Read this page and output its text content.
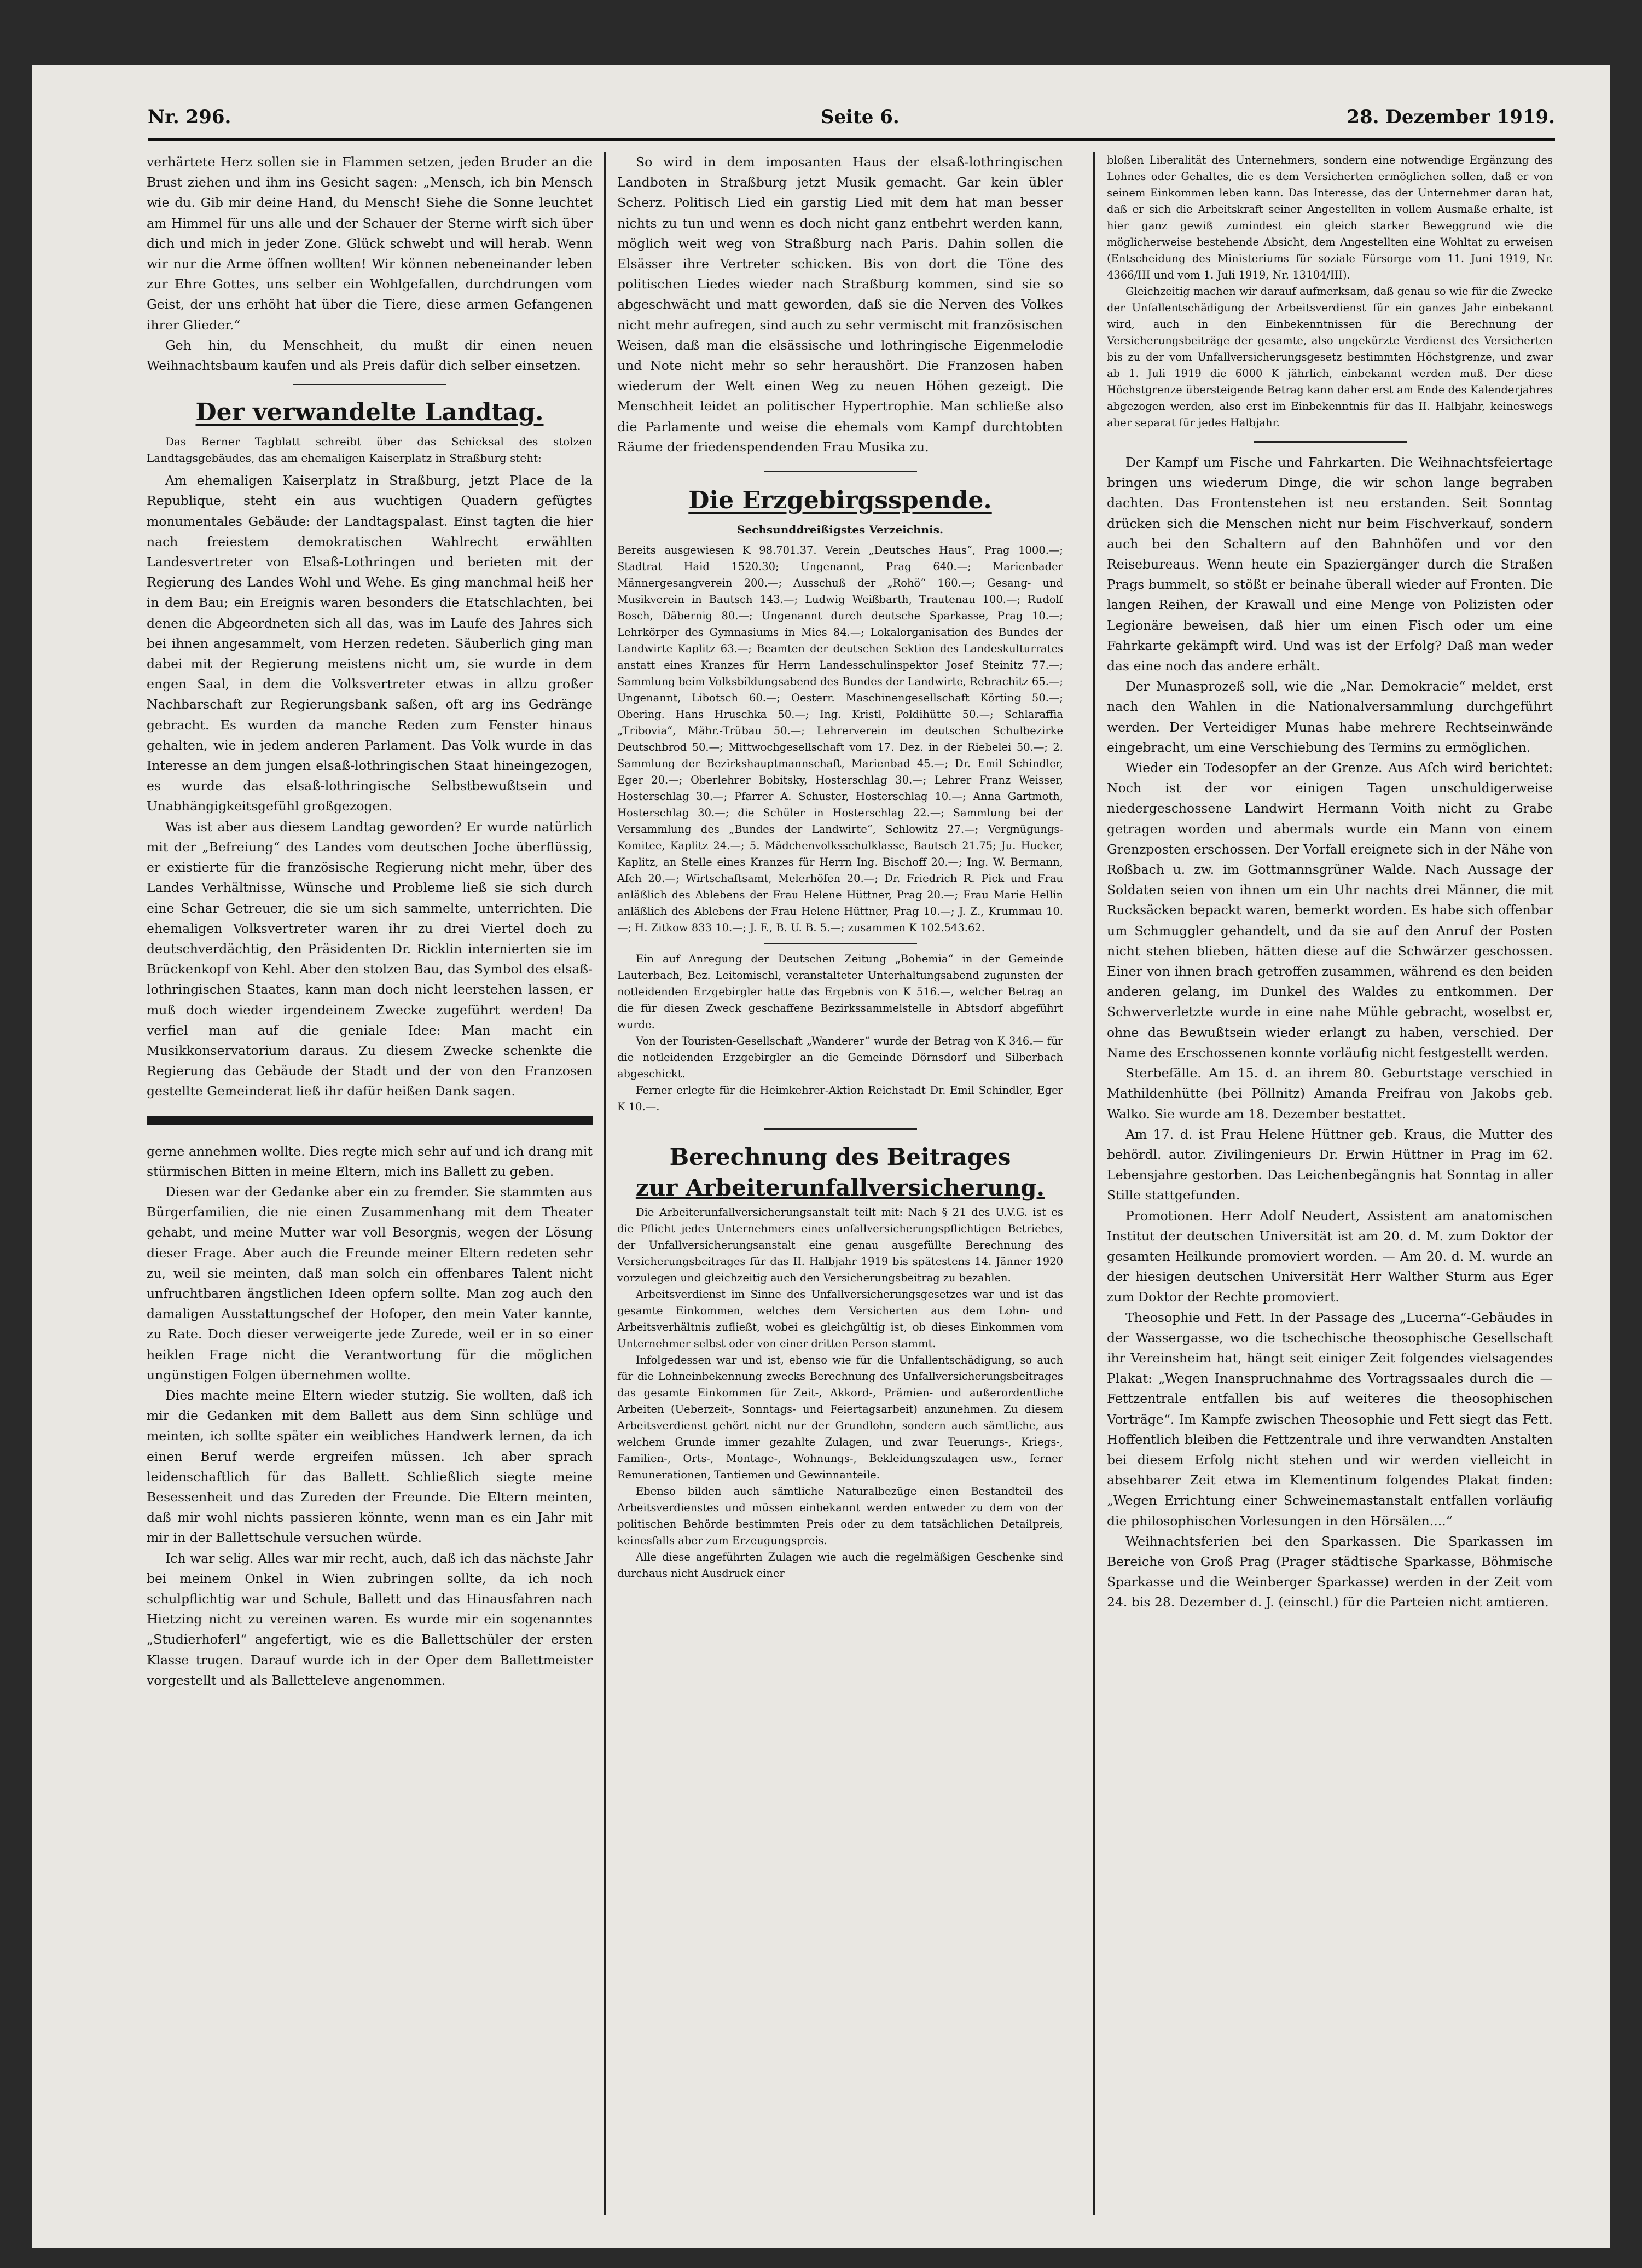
Nr. 296.	Seite 6.	28. Dezember 1919.

verhärtete Herz sollen sie in Flammen setzen, jeden Bruder an die Brust ziehen und ihm ins Gesicht sagen: „Mensch, ich bin Mensch wie du. Gib mir deine Hand, du Mensch! Siehe die Sonne leuchtet am Himmel für uns alle und der Schauer der Sterne wirft sich über dich und mich in jeder Zone. Glück schwebt und will herab. Wenn wir nur die Arme öffnen wollten! Wir können nebeneinander leben zur Ehre Gottes, uns selber ein Wohlgefallen, durchdrungen vom Geist, der uns erhöht hat über die Tiere, diese armen Gefangenen ihrer Glieder.“

Geh hin, du Menschheit, du mußt dir einen neuen Weihnachtsbaum kaufen und als Preis dafür dich selber einsetzen.

Der verwandelte Landtag.

Das Berner Tagblatt schreibt über das Schicksal des stolzen Landtagsgebäudes, das am ehemaligen Kaiserplatz in Straßburg steht:

Am ehemaligen Kaiserplatz in Straßburg, jetzt Place de la Republique, steht ein aus wuchtigen Quadern gefügtes monumentales Gebäude: der Landtagspalast. Einst tagten die hier nach freiestem demokratischen Wahlrecht erwählten Landesvertreter von Elsaß-Lothringen und berieten mit der Regierung des Landes Wohl und Wehe. Es ging manchmal heiß her in dem Bau; ein Ereignis waren besonders die Etatschlachten, bei denen die Abgeordneten sich all das, was im Laufe des Jahres sich bei ihnen angesammelt, vom Herzen redeten. Säuberlich ging man dabei mit der Regierung meistens nicht um, sie wurde in dem engen Saal, in dem die Volksvertreter etwas in allzu großer Nachbarschaft zur Regierungsbank saßen, oft arg ins Gedränge gebracht. Es wurden da manche Reden zum Fenster hinaus gehalten, wie in jedem anderen Parlament. Das Volk wurde in das Interesse an dem jungen elsaß-lothringischen Staat hineingezogen, es wurde das elsaß-lothringische Selbstbewußtsein und Unabhängigkeitsgefühl großgezogen.

Was ist aber aus diesem Landtag geworden? Er wurde natürlich mit der „Befreiung“ des Landes vom deutschen Joche überflüssig, er existierte für die französische Regierung nicht mehr, über des Landes Verhältnisse, Wünsche und Probleme ließ sie sich durch eine Schar Getreuer, die sie um sich sammelte, unterrichten. Die ehemaligen Volksvertreter waren ihr zu drei Viertel doch zu deutschverdächtig, den Präsidenten Dr. Ricklin internierten sie im Brückenkopf von Kehl. Aber den stolzen Bau, das Symbol des elsaß-lothringischen Staates, kann man doch nicht leerstehen lassen, er muß doch wieder irgendeinem Zwecke zugeführt werden! Da verfiel man auf die geniale Idee: Man macht ein Musikkonservatorium daraus. Zu diesem Zwecke schenkte die Regierung das Gebäude der Stadt und der von den Franzosen gestellte Gemeinderat ließ ihr dafür heißen Dank sagen.

gerne annehmen wollte. Dies regte mich sehr auf und ich drang mit stürmischen Bitten in meine Eltern, mich ins Ballett zu geben.

Diesen war der Gedanke aber ein zu fremder. Sie stammten aus Bürgerfamilien, die nie einen Zusammenhang mit dem Theater gehabt, und meine Mutter war voll Besorgnis, wegen der Lösung dieser Frage. Aber auch die Freunde meiner Eltern redeten sehr zu, weil sie meinten, daß man solch ein offenbares Talent nicht unfruchtbaren ängstlichen Ideen opfern sollte. Man zog auch den damaligen Ausstattungschef der Hofoper, den mein Vater kannte, zu Rate. Doch dieser verweigerte jede Zurede, weil er in so einer heiklen Frage nicht die Verantwortung für die möglichen ungünstigen Folgen übernehmen wollte.

Dies machte meine Eltern wieder stutzig. Sie wollten, daß ich mir die Gedanken mit dem Ballett aus dem Sinn schlüge und meinten, ich sollte später ein weibliches Handwerk lernen, da ich einen Beruf werde ergreifen müssen. Ich aber sprach leidenschaftlich für das Ballett. Schließlich siegte meine Besessenheit und das Zureden der Freunde. Die Eltern meinten, daß mir wohl nichts passieren könnte, wenn man es ein Jahr mit mir in der Ballettschule versuchen würde.

Ich war selig. Alles war mir recht, auch, daß ich das nächste Jahr bei meinem Onkel in Wien zubringen sollte, da ich noch schulpflichtig war und Schule, Ballett und das Hinausfahren nach Hietzing nicht zu vereinen waren. Es wurde mir ein sogenanntes „Studierhoferl“ angefertigt, wie es die Ballettschüler der ersten Klasse trugen. Darauf wurde ich in der Oper dem Ballettmeister vorgestellt und als Balletteleve angenommen.

So wird in dem imposanten Haus der elsaß-lothringischen Landboten in Straßburg jetzt Musik gemacht. Gar kein übler Scherz. Politisch Lied ein garstig Lied mit dem hat man besser nichts zu tun und wenn es doch nicht ganz entbehrt werden kann, möglich weit weg von Straßburg nach Paris. Dahin sollen die Elsässer ihre Vertreter schicken. Bis von dort die Töne des politischen Liedes wieder nach Straßburg kommen, sind sie so abgeschwächt und matt geworden, daß sie die Nerven des Volkes nicht mehr aufregen, sind auch zu sehr vermischt mit französischen Weisen, daß man die elsässische und lothringische Eigenmelodie und Note nicht mehr so sehr heraushört. Die Franzosen haben wiederum der Welt einen Weg zu neuen Höhen gezeigt. Die Menschheit leidet an politischer Hypertrophie. Man schließe also die Parlamente und weise die ehemals vom Kampf durchtobten Räume der friedenspendenden Frau Musika zu.

Die Erzgebirgsspende.
Sechsunddreißigstes Verzeichnis.

Bereits ausgewiesen K 98.701.37. Verein „Deutsches Haus“, Prag 1000.—; Stadtrat Haid 1520.30; Ungenannt, Prag 640.—; Marienbader Männergesangverein 200.—; Ausschuß der „Rohö“ 160.—; Gesang- und Musikverein in Bautsch 143.—; Ludwig Weißbarth, Trautenau 100.—; Rudolf Bosch, Däbernig 80.—; Ungenannt durch deutsche Sparkasse, Prag 10.—; Lehrkörper des Gymnasiums in Mies 84.—; Lokalorganisation des Bundes der Landwirte Kaplitz 63.—; Beamten der deutschen Sektion des Landeskulturrates anstatt eines Kranzes für Herrn Landesschulinspektor Josef Steinitz 77.—; Sammlung beim Volksbildungsabend des Bundes der Landwirte, Rebrachitz 65.—; Ungenannt, Libotsch 60.—; Oesterr. Maschinengesellschaft Körting 50.—; Obering. Hans Hruschka 50.—; Ing. Kristl, Poldihütte 50.—; Schlaraffia „Tribovia“, Mähr.-Trübau 50.—; Lehrerverein im deutschen Schulbezirke Deutschbrod 50.—; Mittwochgesellschaft vom 17. Dez. in der Riebelei 50.—; 2. Sammlung der Bezirkshauptmannschaft, Marienbad 45.—; Dr. Emil Schindler, Eger 20.—; Oberlehrer Bobitsky, Hosterschlag 30.—; Lehrer Franz Weisser, Hosterschlag 30.—; Pfarrer A. Schuster, Hosterschlag 10.—; Anna Gartmoth, Hosterschlag 30.—; die Schüler in Hosterschlag 22.—; Sammlung bei der Versammlung des „Bundes der Landwirte“, Schlowitz 27.—; Vergnügungs-Komitee, Kaplitz 24.—; 5. Mädchenvolksschulklasse, Bautsch 21.75; Ju. Hucker, Kaplitz, an Stelle eines Kranzes für Herrn Ing. Bischoff 20.—; Ing. W. Bermann, Aſch 20.—; Wirtschaftsamt, Melerhöfen 20.—; Dr. Friedrich R. Pick und Frau anläßlich des Ablebens der Frau Helene Hüttner, Prag 20.—; Frau Marie Hellin anläßlich des Ablebens der Frau Helene Hüttner, Prag 10.—; J. Z., Krummau 10.—; H. Zitkow 833 10.—; J. F., B. U. B. 5.—; zusammen K 102.543.62.

Ein auf Anregung der Deutschen Zeitung „Bohemia“ in der Gemeinde Lauterbach, Bez. Leitomischl, veranstalteter Unterhaltungsabend zugunsten der notleidenden Erzgebirgler hatte das Ergebnis von K 516.—, welcher Betrag an die für diesen Zweck geschaffene Bezirkssammelstelle in Abtsdorf abgeführt wurde.

Von der Touristen-Gesellschaft „Wanderer“ wurde der Betrag von K 346.— für die notleidenden Erzgebirgler an die Gemeinde Dörnsdorf und Silberbach abgeschickt.

Ferner erlegte für die Heimkehrer-Aktion Reichstadt Dr. Emil Schindler, Eger K 10.—.

Berechnung des Beitrages
zur Arbeiterunfallversicherung.

Die Arbeiterunfallversicherungsanstalt teilt mit: Nach § 21 des U.V.G. ist es die Pflicht jedes Unternehmers eines unfallversicherungspflichtigen Betriebes, der Unfallversicherungsanstalt eine genau ausgefüllte Berechnung des Versicherungsbeitrages für das II. Halbjahr 1919 bis spätestens 14. Jänner 1920 vorzulegen und gleichzeitig auch den Versicherungsbeitrag zu bezahlen.

Arbeitsverdienst im Sinne des Unfallversicherungsgesetzes war und ist das gesamte Einkommen, welches dem Versicherten aus dem Lohn- und Arbeitsverhältnis zufließt, wobei es gleichgültig ist, ob dieses Einkommen vom Unternehmer selbst oder von einer dritten Person stammt.

Infolgedessen war und ist, ebenso wie für die Unfallentschädigung, so auch für die Lohneinbekennung zwecks Berechnung des Unfallversicherungsbeitrages das gesamte Einkommen für Zeit-, Akkord-, Prämien- und außerordentliche Arbeiten (Ueberzeit-, Sonntags- und Feiertagsarbeit) anzunehmen. Zu diesem Arbeitsverdienst gehört nicht nur der Grundlohn, sondern auch sämtliche, aus welchem Grunde immer gezahlte Zulagen, und zwar Teuerungs-, Kriegs-, Familien-, Orts-, Montage-, Wohnungs-, Bekleidungszulagen usw., ferner Remunerationen, Tantiemen und Gewinnanteile.

Ebenso bilden auch sämtliche Naturalbezüge einen Bestandteil des Arbeitsverdienstes und müssen einbekannt werden entweder zu dem von der politischen Behörde bestimmten Preis oder zu dem tatsächlichen Detailpreis, keinesfalls aber zum Erzeugungspreis.

Alle diese angeführten Zulagen wie auch die regelmäßigen Geschenke sind durchaus nicht Ausdruck einer

bloßen Liberalität des Unternehmers, sondern eine notwendige Ergänzung des Lohnes oder Gehaltes, die es dem Versicherten ermöglichen sollen, daß er von seinem Einkommen leben kann. Das Interesse, das der Unternehmer daran hat, daß er sich die Arbeitskraft seiner Angestellten in vollem Ausmaße erhalte, ist hier ganz gewiß zumindest ein gleich starker Beweggrund wie die möglicherweise bestehende Absicht, dem Angestellten eine Wohltat zu erweisen (Entscheidung des Ministeriums für soziale Fürsorge vom 11. Juni 1919, Nr. 4366/III und vom 1. Juli 1919, Nr. 13104/III).

Gleichzeitig machen wir darauf aufmerksam, daß genau so wie für die Zwecke der Unfallentschädigung der Arbeitsverdienst für ein ganzes Jahr einbekannt wird, auch in den Einbekenntnissen für die Berechnung der Versicherungsbeiträge der gesamte, also ungekürzte Verdienst des Versicherten bis zu der vom Unfallversicherungsgesetz bestimmten Höchstgrenze, und zwar ab 1. Juli 1919 die 6000 K jährlich, einbekannt werden muß. Der diese Höchstgrenze übersteigende Betrag kann daher erst am Ende des Kalenderjahres abgezogen werden, also erst im Einbekenntnis für das II. Halbjahr, keineswegs aber separat für jedes Halbjahr.

Der Kampf um Fische und Fahrkarten. Die Weihnachtsfeiertage bringen uns wiederum Dinge, die wir schon lange begraben dachten. Das Frontenstehen ist neu erstanden. Seit Sonntag drücken sich die Menschen nicht nur beim Fischverkauf, sondern auch bei den Schaltern auf den Bahnhöfen und vor den Reisebureaus. Wenn heute ein Spaziergänger durch die Straßen Prags bummelt, so stößt er beinahe überall wieder auf Fronten. Die langen Reihen, der Krawall und eine Menge von Polizisten oder Legionäre beweisen, daß hier um einen Fisch oder um eine Fahrkarte gekämpft wird. Und was ist der Erfolg? Daß man weder das eine noch das andere erhält.

Der Munasprozeß soll, wie die „Nar. Demokracie“ meldet, erst nach den Wahlen in die Nationalversammlung durchgeführt werden. Der Verteidiger Munas habe mehrere Rechtseinwände eingebracht, um eine Verschiebung des Termins zu ermöglichen.

Wieder ein Todesopfer an der Grenze. Aus Aſch wird berichtet: Noch ist der vor einigen Tagen unschuldigerweise niedergeschossene Landwirt Hermann Voith nicht zu Grabe getragen worden und abermals wurde ein Mann von einem Grenzposten erschossen. Der Vorfall ereignete sich in der Nähe von Roßbach u. zw. im Gottmannsgrüner Walde. Nach Aussage der Soldaten seien von ihnen um ein Uhr nachts drei Männer, die mit Rucksäcken bepackt waren, bemerkt worden. Es habe sich offenbar um Schmuggler gehandelt, und da sie auf den Anruf der Posten nicht stehen blieben, hätten diese auf die Schwärzer geschossen. Einer von ihnen brach getroffen zusammen, während es den beiden anderen gelang, im Dunkel des Waldes zu entkommen. Der Schwerverletzte wurde in eine nahe Mühle gebracht, woselbst er, ohne das Bewußtsein wieder erlangt zu haben, verschied. Der Name des Erschossenen konnte vorläufig nicht festgestellt werden.

Sterbefälle. Am 15. d. an ihrem 80. Geburtstage verschied in Mathildenhütte (bei Pöllnitz) Amanda Freifrau von Jakobs geb. Walko. Sie wurde am 18. Dezember bestattet.

Am 17. d. ist Frau Helene Hüttner geb. Kraus, die Mutter des behördl. autor. Zivilingenieurs Dr. Erwin Hüttner in Prag im 62. Lebensjahre gestorben. Das Leichenbegängnis hat Sonntag in aller Stille stattgefunden.

Promotionen. Herr Adolf Neudert, Assistent am anatomischen Institut der deutschen Universität ist am 20. d. M. zum Doktor der gesamten Heilkunde promoviert worden. — Am 20. d. M. wurde an der hiesigen deutschen Universität Herr Walther Sturm aus Eger zum Doktor der Rechte promoviert.

Theosophie und Fett. In der Passage des „Lucerna“-Gebäudes in der Wassergasse, wo die tschechische theosophische Gesellschaft ihr Vereinsheim hat, hängt seit einiger Zeit folgendes vielsagendes Plakat: „Wegen Inanspruchnahme des Vortragssaales durch die — Fettzentrale entfallen bis auf weiteres die theosophischen Vorträge“. Im Kampfe zwischen Theosophie und Fett siegt das Fett. Hoffentlich bleiben die Fettzentrale und ihre verwandten Anstalten bei diesem Erfolg nicht stehen und wir werden vielleicht in absehbarer Zeit etwa im Klementinum folgendes Plakat finden: „Wegen Errichtung einer Schweinemastanstalt entfallen vorläufig die philosophischen Vorlesungen in den Hörsälen....“

Weihnachtsferien bei den Sparkassen. Die Sparkassen im Bereiche von Groß Prag (Prager städtische Sparkasse, Böhmische Sparkasse und die Weinberger Sparkasse) werden in der Zeit vom 24. bis 28. Dezember d. J. (einschl.) für die Parteien nicht amtieren.
